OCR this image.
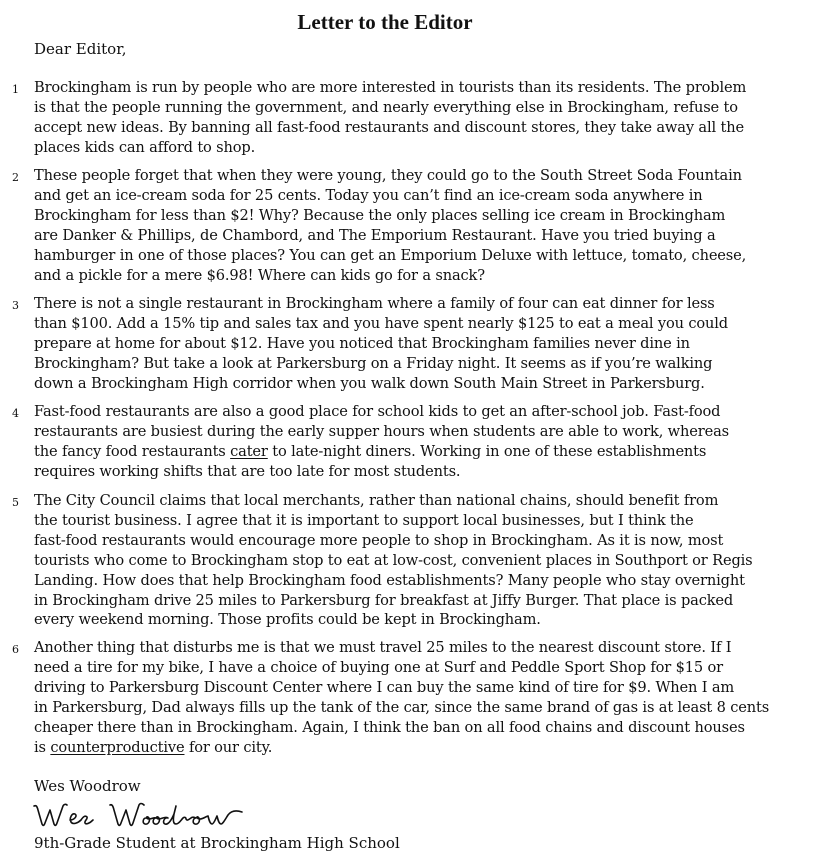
Letter to the Editor
Dear Editor,
1 Brockingham is run by people who are more interested in tourists than its residents. The problem
is that the people running the government, and nearly everything else in Brockingham, refuse to
accept new ideas. By banning all fast-food restaurants and discount stores, they take away all the
places kids can afford to shop.
2 These people forget that when they were young, they could go to the South Street Soda Fountain
and get an ice-cream soda for 25 cents. Today you can’t find an ice-cream soda anywhere in
Brockingham for less than $2! Why? Because the only places selling ice cream in Brockingham
are Danker & Phillips, de Chambord, and The Emporium Restaurant. Have you tried buying a
hamburger in one of those places? You can get an Emporium Deluxe with lettuce, tomato, cheese,
and a pickle for a mere $6.98! Where can kids go for a snack?
3 There is not a single restaurant in Brockingham where a family of four can eat dinner for less
than $100. Add a 15% tip and sales tax and you have spent nearly $125 to eat a meal you could
prepare at home for about $12. Have you noticed that Brockingham families never dine in
Brockingham? But take a look at Parkersburg on a Friday night. It seems as if you’re walking
down a Brockingham High corridor when you walk down South Main Street in Parkersburg.
4 Fast-food restaurants are also a good place for school kids to get an after-school job. Fast-food
restaurants are busiest during the early supper hours when students are able to work, whereas
the fancy food restaurants cater to late-night diners. Working in one of these establishments
requires working shifts that are too late for most students.
5 The City Council claims that local merchants, rather than national chains, should benefit from
the tourist business. I agree that it is important to support local businesses, but I think the
fast-food restaurants would encourage more people to shop in Brockingham. As it is now, most
tourists who come to Brockingham stop to eat at low-cost, convenient places in Southport or Regis
Landing. How does that help Brockingham food establishments? Many people who stay overnight
in Brockingham drive 25 miles to Parkersburg for breakfast at Jiffy Burger. That place is packed
every weekend morning. Those profits could be kept in Brockingham.
6 Another thing that disturbs me is that we must travel 25 miles to the nearest discount store. If I
need a tire for my bike, I have a choice of buying one at Surf and Peddle Sport Shop for $15 or
driving to Parkersburg Discount Center where I can buy the same kind of tire for $9. When I am
in Parkersburg, Dad always fills up the tank of the car, since the same brand of gas is at least 8 cents
cheaper there than in Brockingham. Again, I think the ban on all food chains and discount houses
is counterproductive for our city.
Wes Woodrow
9th-Grade Student at Brockingham High School
